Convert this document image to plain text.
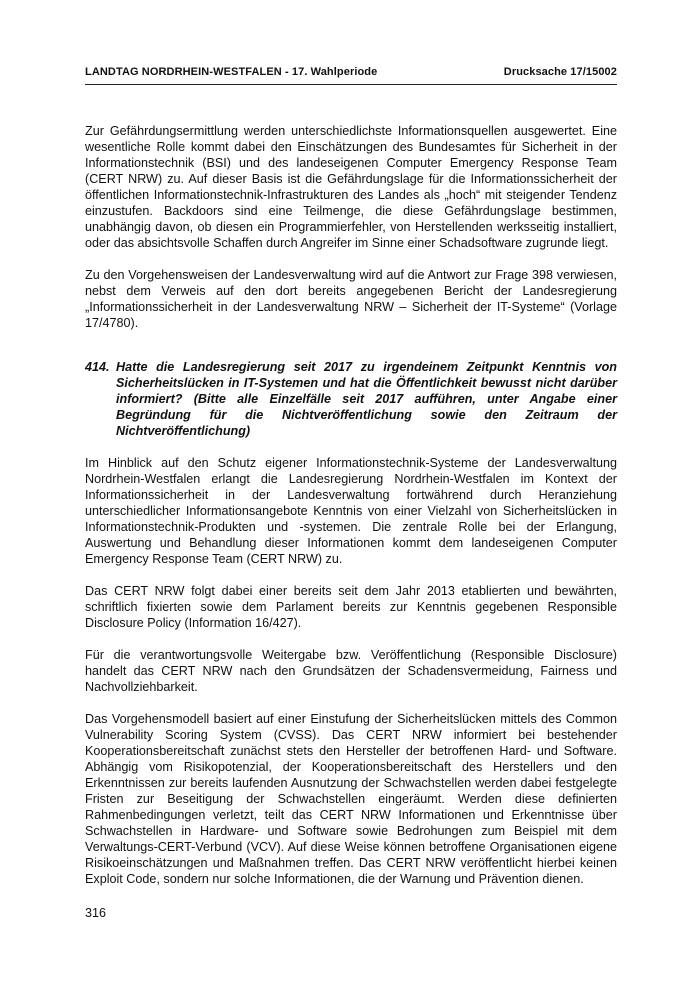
LANDTAG NORDRHEIN-WESTFALEN - 17. Wahlperiode	Drucksache 17/15002

Zur Gefährdungsermittlung werden unterschiedlichste Informationsquellen ausgewertet. Eine wesentliche Rolle kommt dabei den Einschätzungen des Bundesamtes für Sicherheit in der Informationstechnik (BSI) und des landeseigenen Computer Emergency Response Team (CERT NRW) zu. Auf dieser Basis ist die Gefährdungslage für die Informationssicherheit der öffentlichen Informationstechnik-Infrastrukturen des Landes als „hoch“ mit steigender Tendenz einzustufen. Backdoors sind eine Teilmenge, die diese Gefährdungslage bestimmen, unabhängig davon, ob diesen ein Programmierfehler, von Herstellenden werksseitig installiert, oder das absichtsvolle Schaffen durch Angreifer im Sinne einer Schadsoftware zugrunde liegt.

Zu den Vorgehensweisen der Landesverwaltung wird auf die Antwort zur Frage 398 verwiesen, nebst dem Verweis auf den dort bereits angegebenen Bericht der Landesregierung „Informationssicherheit in der Landesverwaltung NRW – Sicherheit der IT-Systeme“ (Vorlage 17/4780).

414. Hatte die Landesregierung seit 2017 zu irgendeinem Zeitpunkt Kenntnis von Sicherheitslücken in IT-Systemen und hat die Öffentlichkeit bewusst nicht darüber informiert? (Bitte alle Einzelfälle seit 2017 aufführen, unter Angabe einer Begründung für die Nichtveröffentlichung sowie den Zeitraum der Nichtveröffentlichung)

Im Hinblick auf den Schutz eigener Informationstechnik-Systeme der Landesverwaltung Nordrhein-Westfalen erlangt die Landesregierung Nordrhein-Westfalen im Kontext der Informationssicherheit in der Landesverwaltung fortwährend durch Heranziehung unterschiedlicher Informationsangebote Kenntnis von einer Vielzahl von Sicherheitslücken in Informationstechnik-Produkten und -systemen. Die zentrale Rolle bei der Erlangung, Auswertung und Behandlung dieser Informationen kommt dem landeseigenen Computer Emergency Response Team (CERT NRW) zu.

Das CERT NRW folgt dabei einer bereits seit dem Jahr 2013 etablierten und bewährten, schriftlich fixierten sowie dem Parlament bereits zur Kenntnis gegebenen Responsible Disclosure Policy (Information 16/427).

Für die verantwortungsvolle Weitergabe bzw. Veröffentlichung (Responsible Disclosure) handelt das CERT NRW nach den Grundsätzen der Schadensvermeidung, Fairness und Nachvollziehbarkeit.

Das Vorgehensmodell basiert auf einer Einstufung der Sicherheitslücken mittels des Common Vulnerability Scoring System (CVSS). Das CERT NRW informiert bei bestehender Kooperationsbereitschaft zunächst stets den Hersteller der betroffenen Hard- und Software. Abhängig vom Risikopotenzial, der Kooperationsbereitschaft des Herstellers und den Erkenntnissen zur bereits laufenden Ausnutzung der Schwachstellen werden dabei festgelegte Fristen zur Beseitigung der Schwachstellen eingeräumt. Werden diese definierten Rahmenbedingungen verletzt, teilt das CERT NRW Informationen und Erkenntnisse über Schwachstellen in Hardware- und Software sowie Bedrohungen zum Beispiel mit dem Verwaltungs-CERT-Verbund (VCV). Auf diese Weise können betroffene Organisationen eigene Risikoeinschätzungen und Maßnahmen treffen. Das CERT NRW veröffentlicht hierbei keinen Exploit Code, sondern nur solche Informationen, die der Warnung und Prävention dienen.

316
